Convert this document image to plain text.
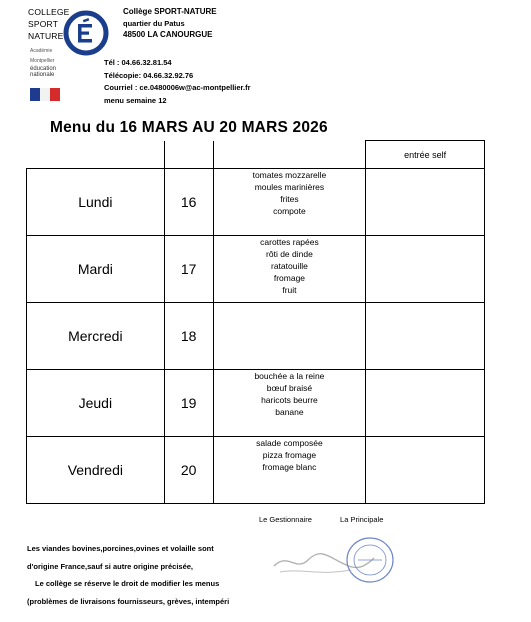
COLLEGE
SPORT
NATURE
Académie
Montpellier
éducation
nationale
Collège SPORT-NATURE
quartier du Patus
48500 LA CANOURGUE
Tél : 04.66.32.81.54
Télécopie: 04.66.32.92.76
Courriel : ce.0480006w@ac-montpellier.fr
menu semaine 12
Menu du 16 MARS AU 20 MARS 2026
			entrée self
Lundi	16	tomates mozzarelle
moules marinières
frites
compote	

Mardi	17	carottes rapées
rôti de dinde
ratatouille
fromage
fruit	

Mercredi	18		
Jeudi	19	bouchée a la reine
bœuf braisé
haricots beurre
banane	

Vendredi	20	salade composée
pizza fromage
fromage blanc	

Le Gestionnaire	La Principale
Les viandes bovines,porcines,ovines et volaille sont
d'origine France,sauf si autre origine précisée,
Le collège se réserve le droit de modifier les menus
(problèmes de livraisons fournisseurs, grèves, intempéri
